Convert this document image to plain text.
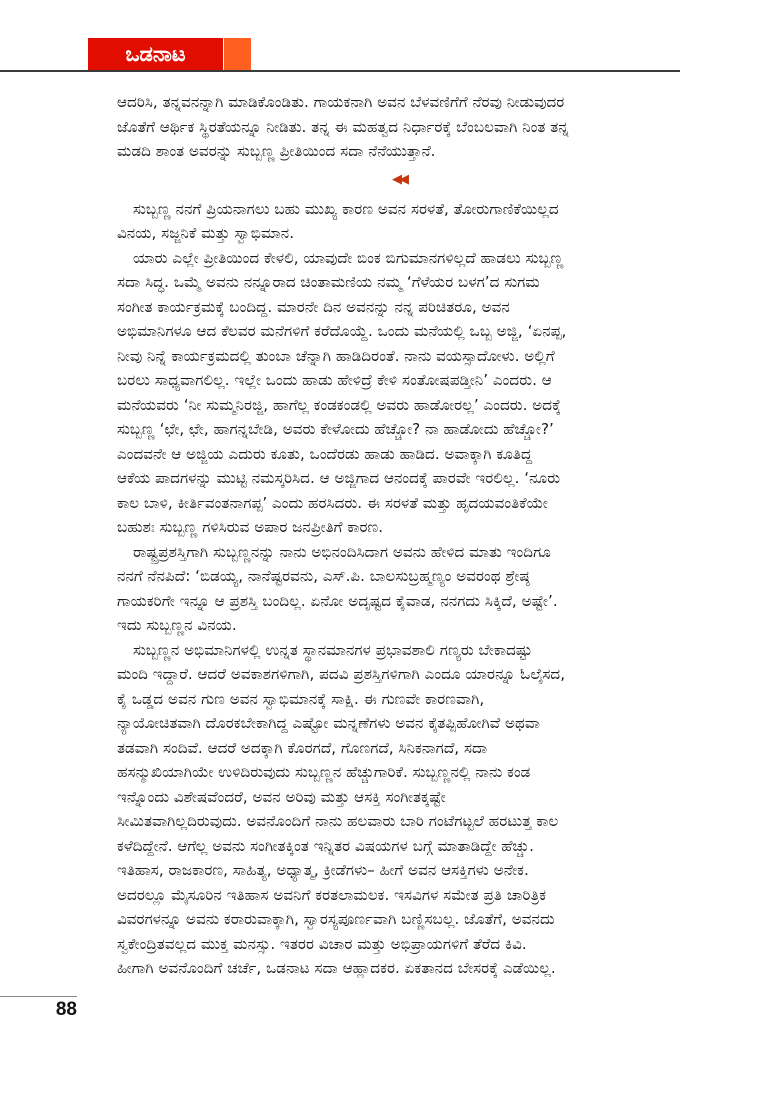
ಒಡನಾಟ
ಆದರಿಸಿ, ತನ್ನವನನ್ನಾಗಿ ಮಾಡಿಕೊಂಡಿತು. ಗಾಯಕನಾಗಿ ಅವನ ಬೆಳವಣಿಗೆಗೆ ನೆರವು ನೀಡುವುದರ
ಜೊತೆಗೆ ಆರ್ಥಿಕ ಸ್ಥಿರತೆಯನ್ನೂ ನೀಡಿತು. ತನ್ನ ಈ ಮಹತ್ವದ ನಿರ್ಧಾರಕ್ಕೆ ಬೆಂಬಲವಾಗಿ ನಿಂತ ತನ್ನ
ಮಡದಿ ಶಾಂತ ಅವರನ್ನು ಸುಬ್ಬಣ್ಣ ಪ್ರೀತಿಯಿಂದ ಸದಾ ನೆನೆಯುತ್ತಾನೆ.
◀◀
ಸುಬ್ಬಣ್ಣ ನನಗೆ ಪ್ರಿಯನಾಗಲು ಬಹು ಮುಖ್ಯ ಕಾರಣ ಅವನ ಸರಳತೆ, ತೋರುಗಾಣಿಕೆಯಿಲ್ಲದ
ವಿನಯ, ಸಜ್ಜನಿಕೆ ಮತ್ತು ಸ್ವಾಭಿಮಾನ.
ಯಾರು ಎಲ್ಲೇ ಪ್ರೀತಿಯಿಂದ ಕೇಳಲಿ, ಯಾವುದೇ ಬಿಂಕ ಬಿಗುಮಾನಗಳಿಲ್ಲದೆ ಹಾಡಲು ಸುಬ್ಬಣ್ಣ
ಸದಾ ಸಿದ್ಧ. ಒಮ್ಮೆ ಅವನು ನನ್ನೂರಾದ ಚಿಂತಾಮಣಿಯ ನಮ್ಮ ‘ಗೆಳೆಯರ ಬಳಗ’ದ ಸುಗಮ
ಸಂಗೀತ ಕಾರ್ಯಕ್ರಮಕ್ಕೆ ಬಂದಿದ್ದ. ಮಾರನೇ ದಿನ ಅವನನ್ನು ನನ್ನ ಪರಿಚಿತರೂ, ಅವನ
ಅಭಿಮಾನಿಗಳೂ ಆದ ಕೆಲವರ ಮನೆಗಳಿಗೆ ಕರೆದೊಯ್ದೆ. ಒಂದು ಮನೆಯಲ್ಲಿ ಒಬ್ಬ ಅಜ್ಜಿ, ‘ಏನಪ್ಪ,
ನೀವು ನಿನ್ನೆ ಕಾರ್ಯಕ್ರಮದಲ್ಲಿ ತುಂಬಾ ಚೆನ್ನಾಗಿ ಹಾಡಿದಿರಂತೆ. ನಾನು ವಯಸ್ಸಾದೋಳು. ಅಲ್ಲಿಗೆ
ಬರಲು ಸಾಧ್ಯವಾಗಲಿಲ್ಲ. ಇಲ್ಲೇ ಒಂದು ಹಾಡು ಹೇಳಿದ್ರೆ ಕೇಳಿ ಸಂತೋಷಪಡ್ತೀನಿ’ ಎಂದರು. ಆ
ಮನೆಯವರು ‘ನೀ ಸುಮ್ಮನಿರಜ್ಜಿ, ಹಾಗೆಲ್ಲ ಕಂಡಕಂಡಲ್ಲಿ ಅವರು ಹಾಡೋರಲ್ಲ’ ಎಂದರು. ಅದಕ್ಕೆ
ಸುಬ್ಬಣ್ಣ ‘ಛೇ, ಛೇ, ಹಾಗನ್ನಬೇಡಿ, ಅವರು ಕೇಳೋದು ಹೆಚ್ಚೋ? ನಾ ಹಾಡೋದು ಹೆಚ್ಚೋ?’
ಎಂದವನೇ ಆ ಅಜ್ಜಿಯ ಎದುರು ಕೂತು, ಒಂದೆರಡು ಹಾಡು ಹಾಡಿದ. ಅವಾಕ್ಕಾಗಿ ಕೂತಿದ್ದ
ಆಕೆಯ ಪಾದಗಳನ್ನು ಮುಟ್ಟಿ ನಮಸ್ಕರಿಸಿದ. ಆ ಅಜ್ಜಿಗಾದ ಆನಂದಕ್ಕೆ ಪಾರವೇ ಇರಲಿಲ್ಲ. ‘ನೂರು
ಕಾಲ ಬಾಳಿ, ಕೀರ್ತಿವಂತನಾಗಪ್ಪ’ ಎಂದು ಹರಸಿದರು. ಈ ಸರಳತೆ ಮತ್ತು ಹೃದಯವಂತಿಕೆಯೇ
ಬಹುಶಃ ಸುಬ್ಬಣ್ಣ ಗಳಿಸಿರುವ ಅಪಾರ ಜನಪ್ರೀತಿಗೆ ಕಾರಣ.
ರಾಷ್ಟ್ರಪ್ರಶಸ್ತಿಗಾಗಿ ಸುಬ್ಬಣ್ಣನನ್ನು ನಾನು ಅಭಿನಂದಿಸಿದಾಗ ಅವನು ಹೇಳಿದ ಮಾತು ಇಂದಿಗೂ
ನನಗೆ ನೆನಪಿದೆ: ‘ಬಿಡಯ್ಯ, ನಾನೆಷ್ಟರವನು, ಎಸ್.ಪಿ. ಬಾಲಸುಬ್ರಹ್ಮಣ್ಯಂ ಅವರಂಥ ಶ್ರೇಷ್ಠ
ಗಾಯಕರಿಗೇ ಇನ್ನೂ ಆ ಪ್ರಶಸ್ತಿ ಬಂದಿಲ್ಲ. ಏನೋ ಅದೃಷ್ಟದ ಕೈವಾಡ, ನನಗದು ಸಿಕ್ಕಿದೆ, ಅಷ್ಟೇ’.
ಇದು ಸುಬ್ಬಣ್ಣನ ವಿನಯ.
ಸುಬ್ಬಣ್ಣನ ಅಭಿಮಾನಿಗಳಲ್ಲಿ ಉನ್ನತ ಸ್ಥಾನಮಾನಗಳ ಪ್ರಭಾವಶಾಲಿ ಗಣ್ಯರು ಬೇಕಾದಷ್ಟು
ಮಂದಿ ಇದ್ದಾರೆ. ಆದರೆ ಅವಕಾಶಗಳಿಗಾಗಿ, ಪದವಿ ಪ್ರಶಸ್ತಿಗಳಿಗಾಗಿ ಎಂದೂ ಯಾರನ್ನೂ ಓಲೈಸದ,
ಕೈ ಒಡ್ಡದ ಅವನ ಗುಣ ಅವನ ಸ್ವಾಭಿಮಾನಕ್ಕೆ ಸಾಕ್ಷಿ. ಈ ಗುಣವೇ ಕಾರಣವಾಗಿ,
ನ್ಯಾಯೋಚಿತವಾಗಿ ದೊರಕಬೇಕಾಗಿದ್ದ ಎಷ್ಟೋ ಮನ್ನಣೆಗಳು ಅವನ ಕೈತಪ್ಪಿಹೋಗಿವೆ ಅಥವಾ
ತಡವಾಗಿ ಸಂದಿವೆ. ಆದರೆ ಅದಕ್ಕಾಗಿ ಕೊರಗದೆ, ಗೊಣಗದೆ, ಸಿನಿಕನಾಗದೆ, ಸದಾ
ಹಸನ್ಮುಖಿಯಾಗಿಯೇ ಉಳಿದಿರುವುದು ಸುಬ್ಬಣ್ಣನ ಹೆಚ್ಚುಗಾರಿಕೆ. ಸುಬ್ಬಣ್ಣನಲ್ಲಿ ನಾನು ಕಂಡ
ಇನ್ನೊಂದು ವಿಶೇಷವೆಂದರೆ, ಅವನ ಅರಿವು ಮತ್ತು ಆಸಕ್ತಿ ಸಂಗೀತಕ್ಕಷ್ಟೇ
ಸೀಮಿತವಾಗಿಲ್ಲದಿರುವುದು. ಅವನೊಂದಿಗೆ ನಾನು ಹಲವಾರು ಬಾರಿ ಗಂಟೆಗಟ್ಟಲೆ ಹರಟುತ್ತ ಕಾಲ
ಕಳೆದಿದ್ದೇನೆ. ಆಗೆಲ್ಲ ಅವನು ಸಂಗೀತಕ್ಕಿಂತ ಇನ್ನಿತರ ವಿಷಯಗಳ ಬಗ್ಗೆ ಮಾತಾಡಿದ್ದೇ ಹೆಚ್ಚು.
ಇತಿಹಾಸ, ರಾಜಕಾರಣ, ಸಾಹಿತ್ಯ, ಅಧ್ಯಾತ್ಮ, ಕ್ರೀಡೆಗಳು– ಹೀಗೆ ಅವನ ಆಸಕ್ತಿಗಳು ಅನೇಕ.
ಅದರಲ್ಲೂ ಮೈಸೂರಿನ ಇತಿಹಾಸ ಅವನಿಗೆ ಕರತಲಾಮಲಕ. ಇಸವಿಗಳ ಸಮೇತ ಪ್ರತಿ ಚಾರಿತ್ರಿಕ
ವಿವರಗಳನ್ನೂ ಅವನು ಕರಾರುವಾಕ್ಕಾಗಿ, ಸ್ವಾರಸ್ಯಪೂರ್ಣವಾಗಿ ಬಣ್ಣಿಸಬಲ್ಲ. ಜೊತೆಗೆ, ಅವನದು
ಸ್ವಕೇಂದ್ರಿತವಲ್ಲದ ಮುಕ್ತ ಮನಸ್ಸು. ಇತರರ ವಿಚಾರ ಮತ್ತು ಅಭಿಪ್ರಾಯಗಳಿಗೆ ತೆರೆದ ಕಿವಿ.
ಹೀಗಾಗಿ ಅವನೊಂದಿಗೆ ಚರ್ಚೆ, ಒಡನಾಟ ಸದಾ ಆಹ್ಲಾದಕರ. ಏಕತಾನದ ಬೇಸರಕ್ಕೆ ಎಡೆಯಿಲ್ಲ.
88
